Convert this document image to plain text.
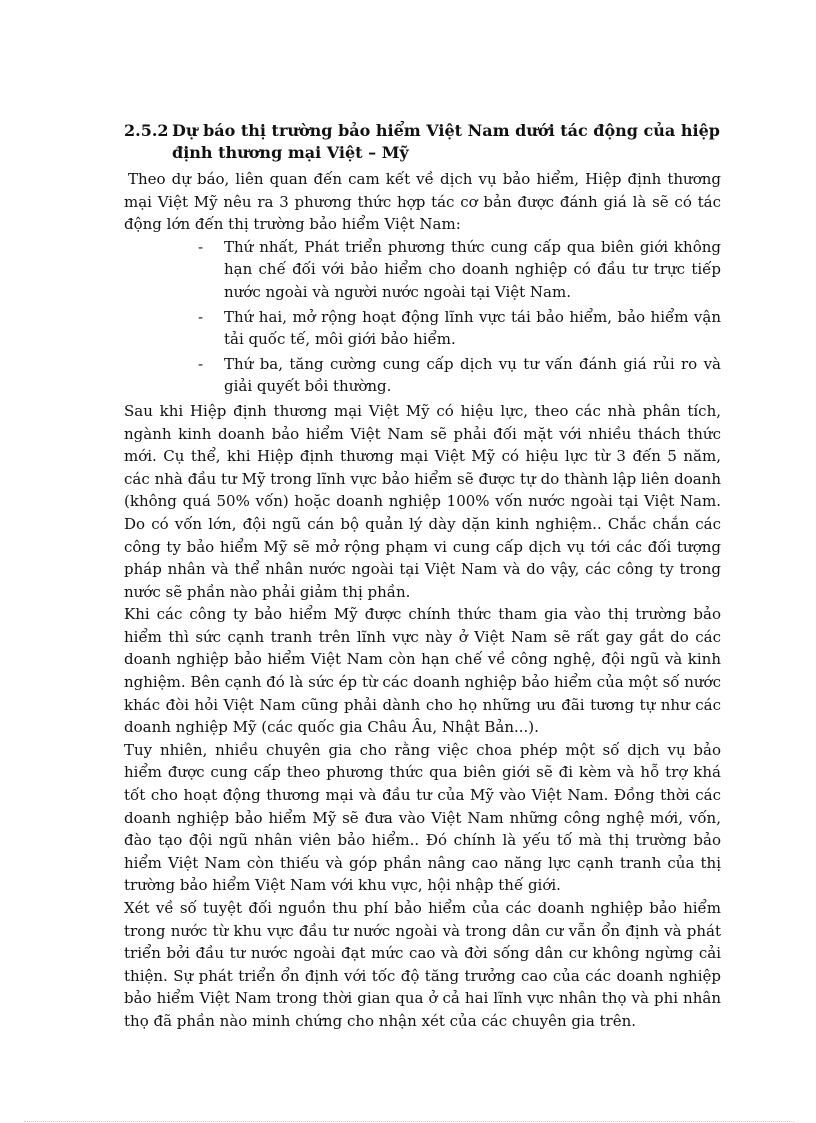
2.5.2 Dự báo thị trường bảo hiểm Việt Nam dưới tác động của hiệp định thương mại Việt – Mỹ

Theo dự báo, liên quan đến cam kết về dịch vụ bảo hiểm, Hiệp định thương mại Việt Mỹ nêu ra 3 phương thức hợp tác cơ bản được đánh giá là sẽ có tác động lớn đến thị trường bảo hiểm Việt Nam:

- Thứ nhất, Phát triển phương thức cung cấp qua biên giới không hạn chế đối với bảo hiểm cho doanh nghiệp có đầu tư trực tiếp nước ngoài và người nước ngoài tại Việt Nam.
- Thứ hai, mở rộng hoạt động lĩnh vực tái bảo hiểm, bảo hiểm vận tải quốc tế, môi giới bảo hiểm.
- Thứ ba, tăng cường cung cấp dịch vụ tư vấn đánh giá rủi ro và giải quyết bồi thường.

Sau khi Hiệp định thương mại Việt Mỹ có hiệu lực, theo các nhà phân tích, ngành kinh doanh bảo hiểm Việt Nam sẽ phải đối mặt với nhiều thách thức mới. Cụ thể, khi Hiệp định thương mại Việt Mỹ có hiệu lực từ 3 đến 5 năm, các nhà đầu tư Mỹ trong lĩnh vực bảo hiểm sẽ được tự do thành lập liên doanh (không quá 50% vốn) hoặc doanh nghiệp 100% vốn nước ngoài tại Việt Nam. Do có vốn lớn, đội ngũ cán bộ quản lý dày dặn kinh nghiệm.. Chắc chắn các công ty bảo hiểm Mỹ sẽ mở rộng phạm vi cung cấp dịch vụ tới các đối tượng pháp nhân và thể nhân nước ngoài tại Việt Nam và do vậy, các công ty trong nước sẽ phần nào phải giảm thị phần.

Khi các công ty bảo hiểm Mỹ được chính thức tham gia vào thị trường bảo hiểm thì sức cạnh tranh trên lĩnh vực này ở Việt Nam sẽ rất gay gắt do các doanh nghiệp bảo hiểm Việt Nam còn hạn chế về công nghệ, đội ngũ và kinh nghiệm. Bên cạnh đó là sức ép từ các doanh nghiệp bảo hiểm của một số nước khác đòi hỏi Việt Nam cũng phải dành cho họ những ưu đãi tương tự như các doanh nghiệp Mỹ (các quốc gia Châu Âu, Nhật Bản...).

Tuy nhiên, nhiều chuyên gia cho rằng việc choa phép một số dịch vụ bảo hiểm được cung cấp theo phương thức qua biên giới sẽ đi kèm và hỗ trợ khá tốt cho hoạt động thương mại và đầu tư của Mỹ vào Việt Nam. Đồng thời các doanh nghiệp bảo hiểm Mỹ sẽ đưa vào Việt Nam những công nghệ mới, vốn, đào tạo đội ngũ nhân viên bảo hiểm.. Đó chính là yếu tố mà thị trường bảo hiểm Việt Nam còn thiếu và góp phần nâng cao năng lực cạnh tranh của thị trường bảo hiểm Việt Nam với khu vực, hội nhập thế giới.

Xét về số tuyệt đối nguồn thu phí bảo hiểm của các doanh nghiệp bảo hiểm trong nước từ khu vực đầu tư nước ngoài và trong dân cư vẫn ổn định và phát triển bởi đầu tư nước ngoài đạt mức cao và đời sống dân cư không ngừng cải thiện. Sự phát triển ổn định với tốc độ tăng trưởng cao của các doanh nghiệp bảo hiểm Việt Nam trong thời gian qua ở cả hai lĩnh vực nhân thọ và phi nhân thọ đã phần nào minh chứng cho nhận xét của các chuyên gia trên.
